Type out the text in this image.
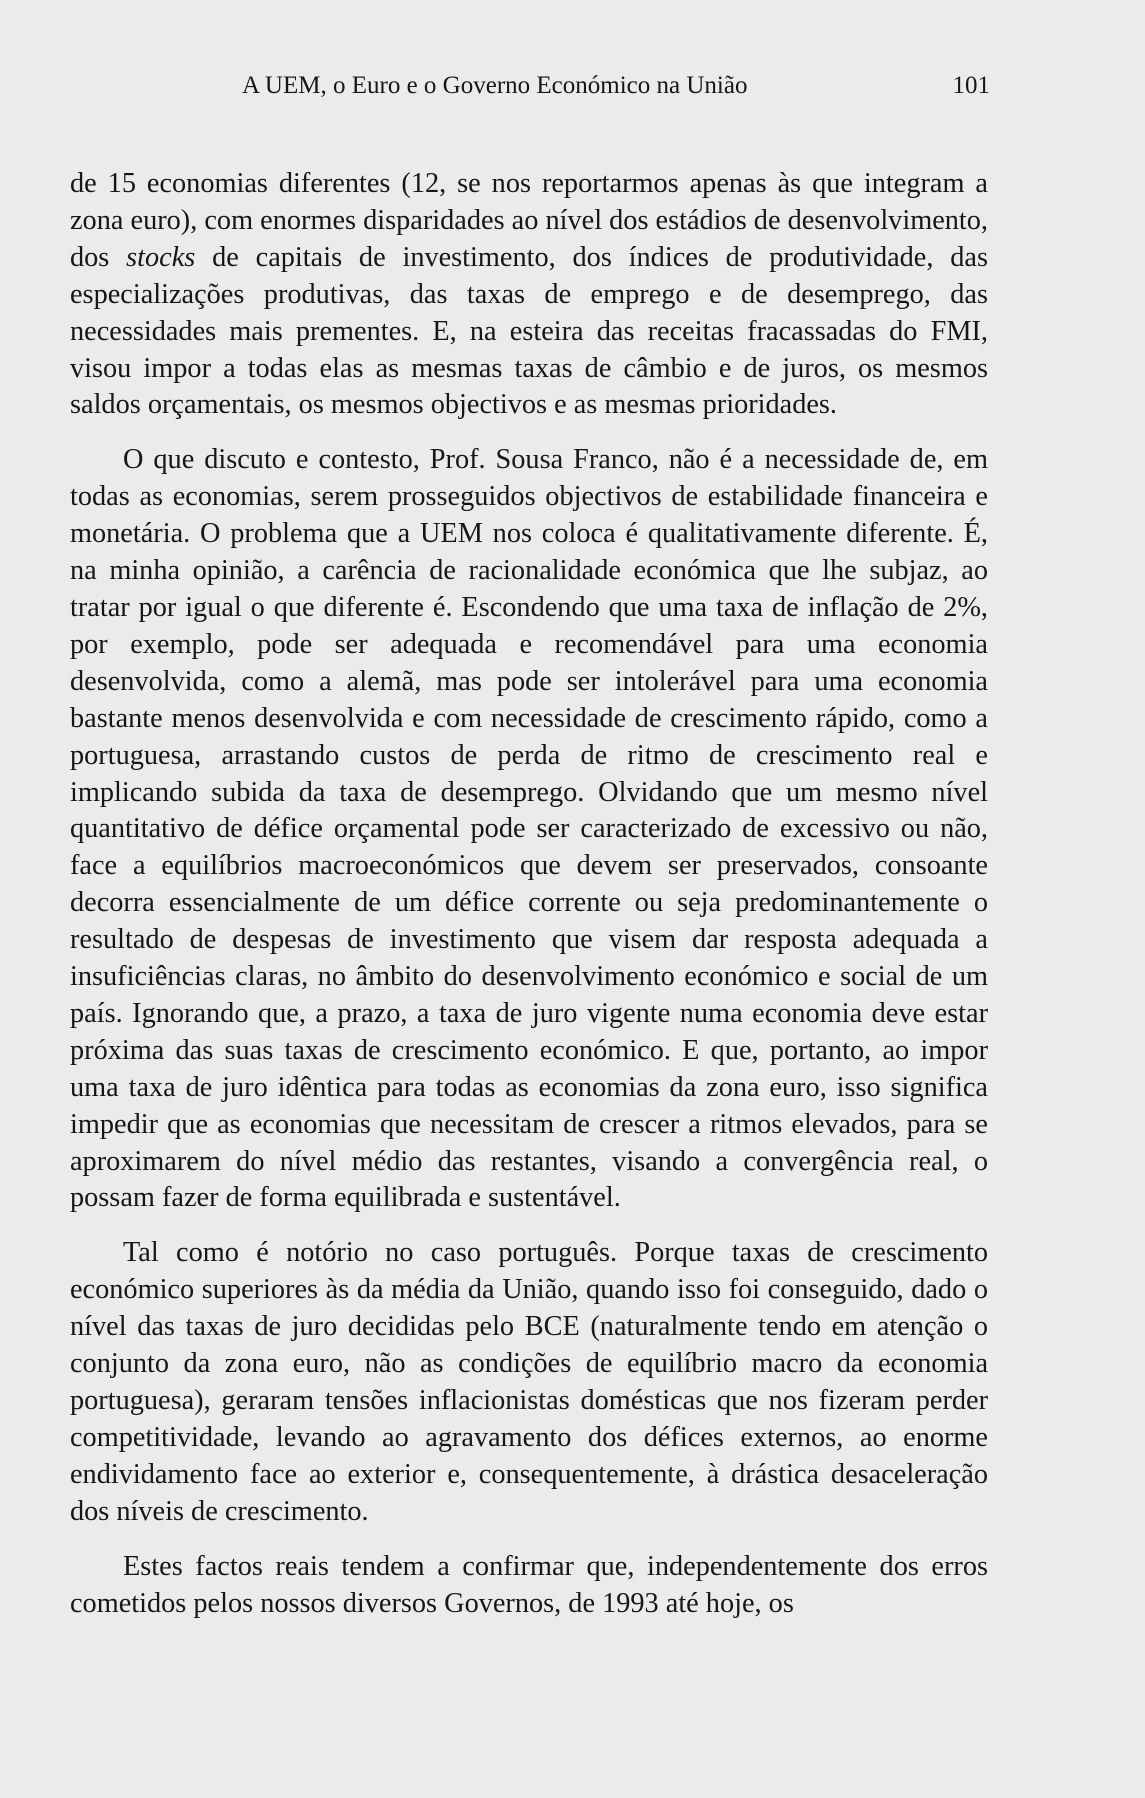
A UEM, o Euro e o Governo Económico na União	101

de 15 economias diferentes (12, se nos reportarmos apenas às que integram a zona euro), com enormes disparidades ao nível dos estádios de desenvolvimento, dos stocks de capitais de investimento, dos índices de produtividade, das especializações produtivas, das taxas de emprego e de desemprego, das necessidades mais prementes. E, na esteira das receitas fracassadas do FMI, visou impor a todas elas as mesmas taxas de câmbio e de juros, os mesmos saldos orçamentais, os mesmos objectivos e as mesmas prioridades.

O que discuto e contesto, Prof. Sousa Franco, não é a necessidade de, em todas as economias, serem prosseguidos objectivos de estabilidade financeira e monetária. O problema que a UEM nos coloca é qualitativamente diferente. É, na minha opinião, a carência de racionalidade económica que lhe subjaz, ao tratar por igual o que diferente é. Escondendo que uma taxa de inflação de 2%, por exemplo, pode ser adequada e recomendável para uma economia desenvolvida, como a alemã, mas pode ser intolerável para uma economia bastante menos desenvolvida e com necessidade de crescimento rápido, como a portuguesa, arrastando custos de perda de ritmo de crescimento real e implicando subida da taxa de desemprego. Olvidando que um mesmo nível quantitativo de défice orçamental pode ser caracterizado de excessivo ou não, face a equilíbrios macroeconómicos que devem ser preservados, consoante decorra essencialmente de um défice corrente ou seja predominantemente o resultado de despesas de investimento que visem dar resposta adequada a insuficiências claras, no âmbito do desenvolvimento económico e social de um país. Ignorando que, a prazo, a taxa de juro vigente numa economia deve estar próxima das suas taxas de crescimento económico. E que, portanto, ao impor uma taxa de juro idêntica para todas as economias da zona euro, isso significa impedir que as economias que necessitam de crescer a ritmos elevados, para se aproximarem do nível médio das restantes, visando a convergência real, o possam fazer de forma equilibrada e sustentável.

Tal como é notório no caso português. Porque taxas de crescimento económico superiores às da média da União, quando isso foi conseguido, dado o nível das taxas de juro decididas pelo BCE (naturalmente tendo em atenção o conjunto da zona euro, não as condições de equilíbrio macro da economia portuguesa), geraram tensões inflacionistas domésticas que nos fizeram perder competitividade, levando ao agravamento dos défices externos, ao enorme endividamento face ao exterior e, consequentemente, à drástica desaceleração dos níveis de crescimento.

Estes factos reais tendem a confirmar que, independentemente dos erros cometidos pelos nossos diversos Governos, de 1993 até hoje, os
